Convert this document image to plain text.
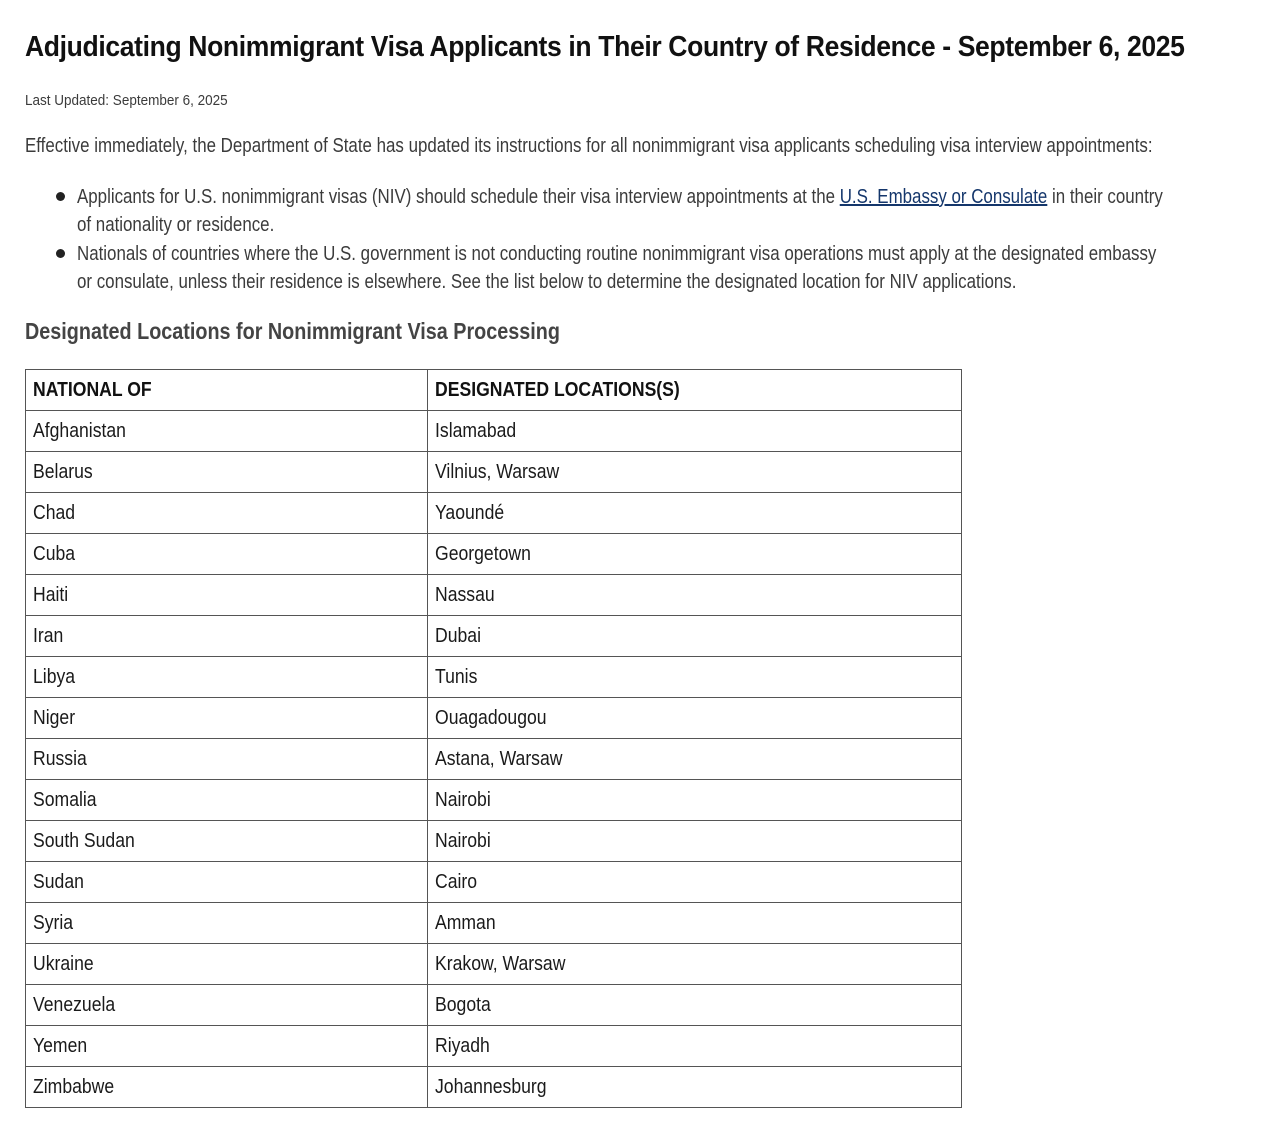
Adjudicating Nonimmigrant Visa Applicants in Their Country of Residence - September 6, 2025
Last Updated: September 6, 2025
Effective immediately, the Department of State has updated its instructions for all nonimmigrant visa applicants scheduling visa interview appointments:
Applicants for U.S. nonimmigrant visas (NIV) should schedule their visa interview appointments at the U.S. Embassy or Consulate in their country
of nationality or residence.
Nationals of countries where the U.S. government is not conducting routine nonimmigrant visa operations must apply at the designated embassy
or consulate, unless their residence is elsewhere. See the list below to determine the designated location for NIV applications.
Designated Locations for Nonimmigrant Visa Processing
NATIONAL OF	DESIGNATED LOCATIONS(S)
Afghanistan	Islamabad
Belarus	Vilnius, Warsaw
Chad	Yaoundé
Cuba	Georgetown
Haiti	Nassau
Iran	Dubai
Libya	Tunis
Niger	Ouagadougou
Russia	Astana, Warsaw
Somalia	Nairobi
South Sudan	Nairobi
Sudan	Cairo
Syria	Amman
Ukraine	Krakow, Warsaw
Venezuela	Bogota
Yemen	Riyadh
Zimbabwe	Johannesburg
